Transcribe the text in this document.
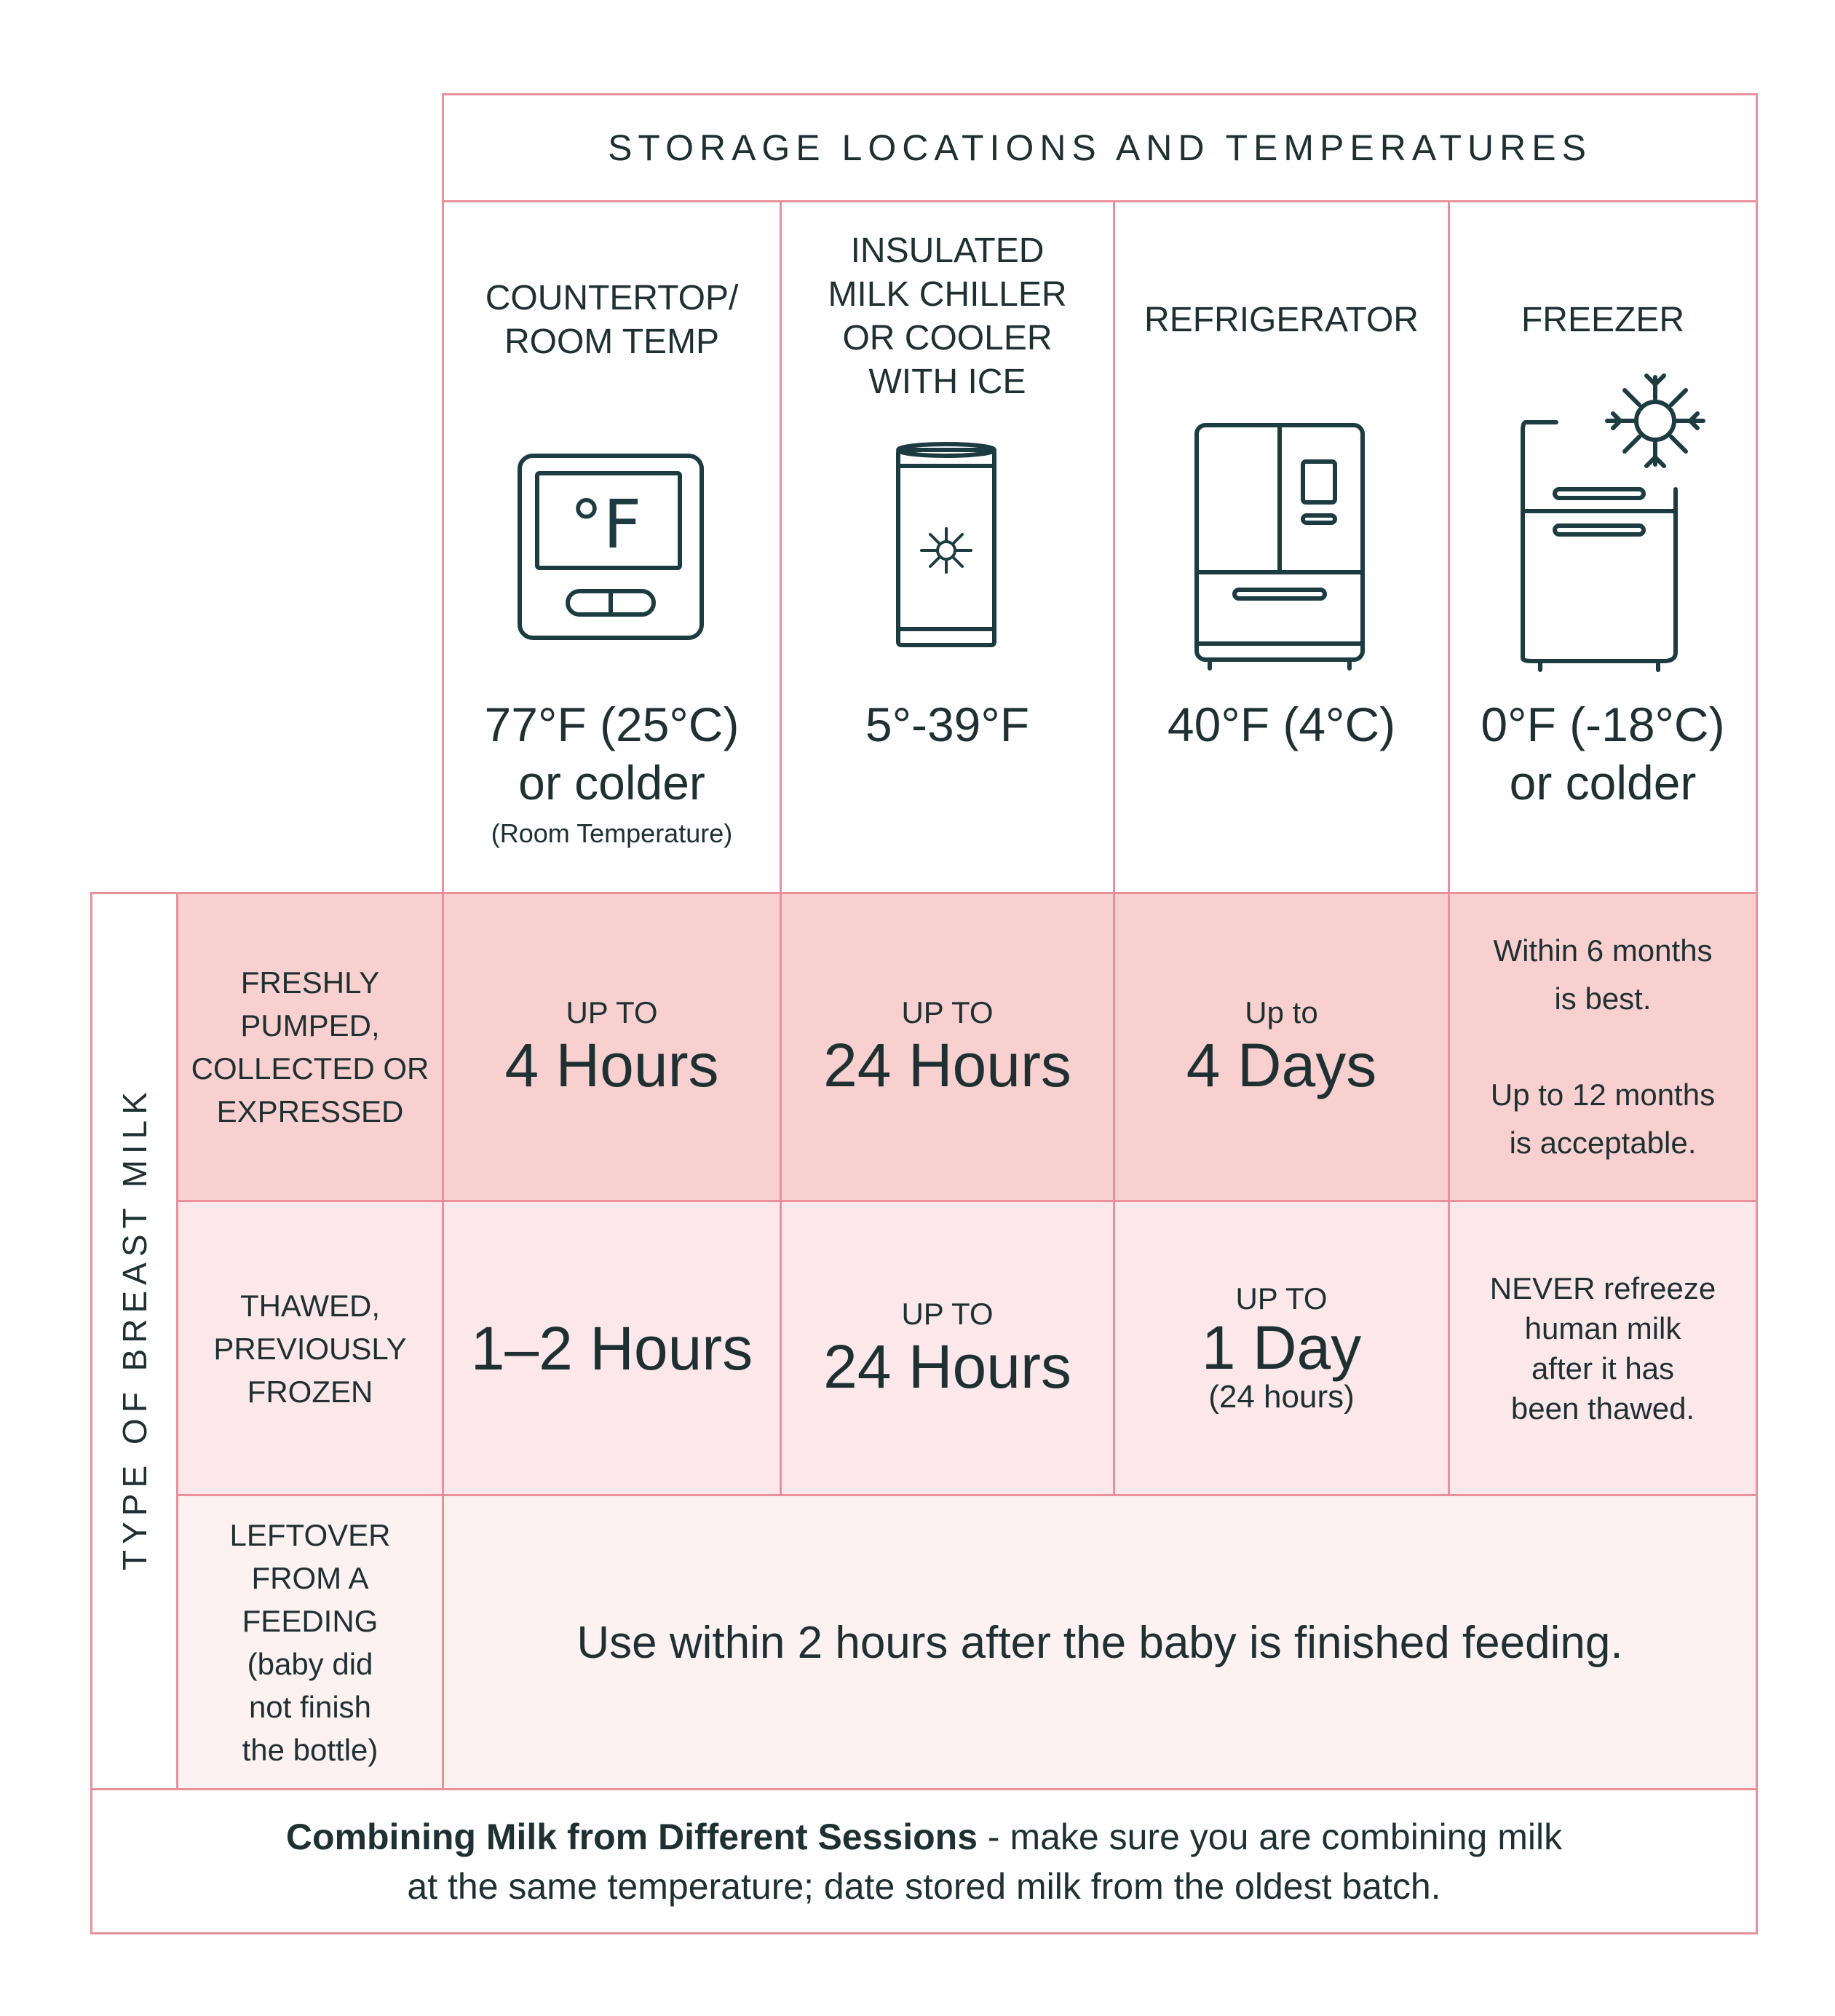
STORAGE LOCATIONS AND TEMPERATURES
COUNTERTOP/
ROOM TEMP
INSULATED
MILK CHILLER
OR COOLER
WITH ICE
REFRIGERATOR	FREEZER
°F
77°F (25°C)
or colder
(Room Temperature)
5°-39°F	40°F (4°C) 0°F (-18°C)
or colder
TYPE OF BREAST MILK
FRESHLY
PUMPED,
COLLECTED OR
EXPRESSED
UP TO
4 Hours
UP TO
24 Hours
Up to
4 Days
Within 6 months
is best.
Up to 12 months
is acceptable.
THAWED,
PREVIOUSLY
FROZEN
1–2 Hours
UP TO
24 Hours
UP TO
1 Day
(24 hours)
NEVER refreeze
human milk
after it has
been thawed.
LEFTOVER
FROM A
FEEDING
(baby did
not finish
the bottle)
Use within 2 hours after the baby is finished feeding.
Combining Milk from Different Sessions - make sure you are combining milk
at the same temperature; date stored milk from the oldest batch.
